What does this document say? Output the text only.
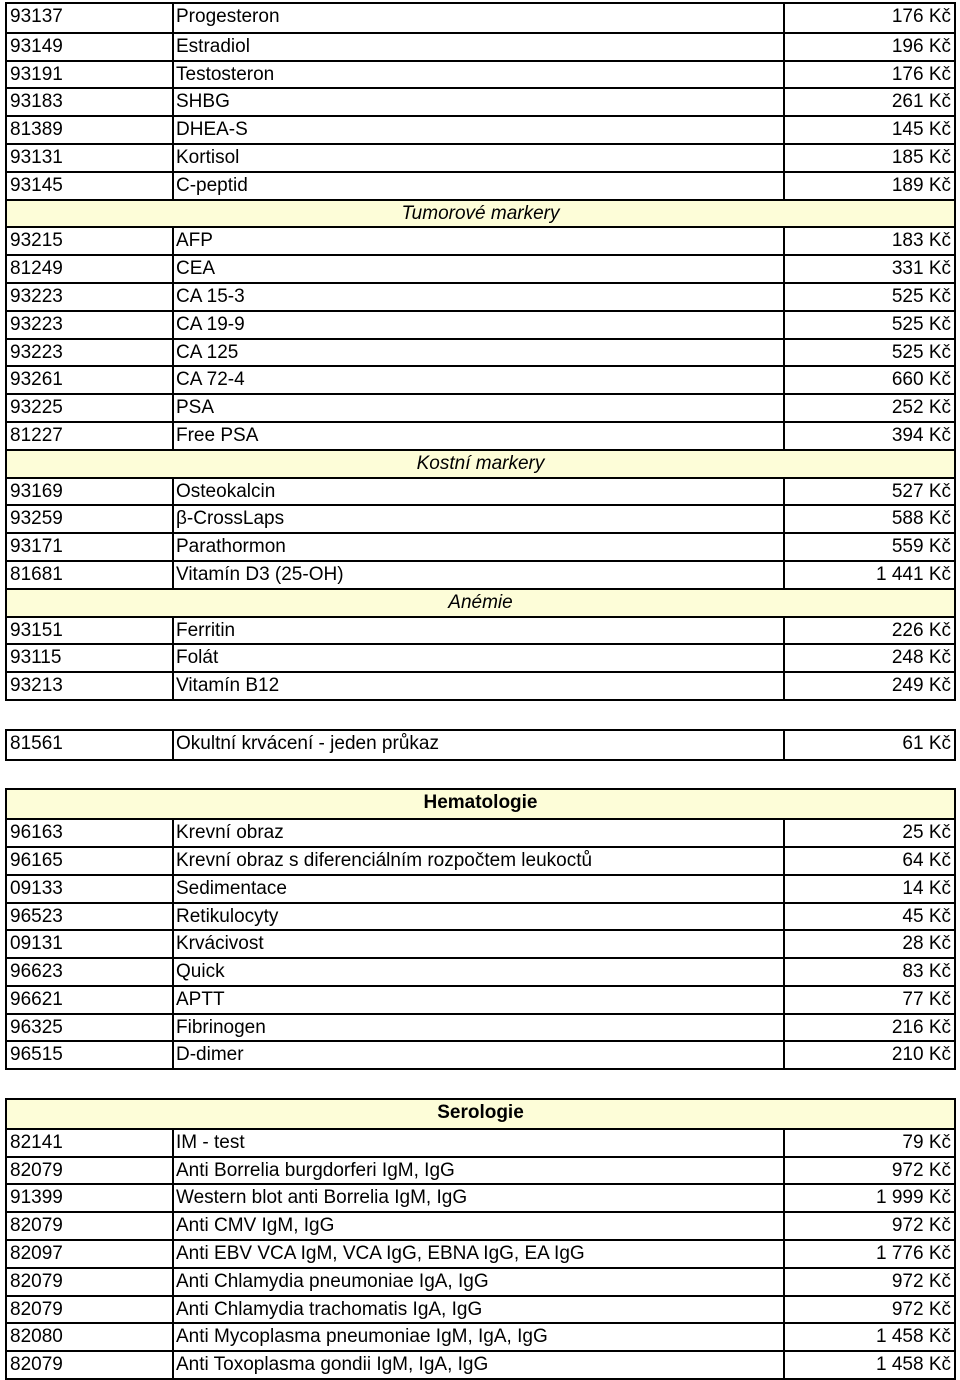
93137	Progesteron	176 Kč
93149	Estradiol	196 Kč
93191	Testosteron	176 Kč
93183	SHBG	261 Kč
81389	DHEA-S	145 Kč
93131	Kortisol	185 Kč
93145	C-peptid	189 Kč
Tumorové markery
93215	AFP	183 Kč
81249	CEA	331 Kč
93223	CA 15-3	525 Kč
93223	CA 19-9	525 Kč
93223	CA 125	525 Kč
93261	CA 72-4	660 Kč
93225	PSA	252 Kč
81227	Free PSA	394 Kč
Kostní markery
93169	Osteokalcin	527 Kč
93259	β-CrossLaps	588 Kč
93171	Parathormon	559 Kč
81681	Vitamín D3 (25-OH)	1 441 Kč
Anémie
93151	Ferritin	226 Kč
93115	Folát	248 Kč
93213	Vitamín B12	249 Kč
81561	Okultní krvácení - jeden průkaz	61 Kč
Hematologie
96163	Krevní obraz	25 Kč
96165	Krevní obraz s diferenciálním rozpočtem leukoctů	64 Kč
09133	Sedimentace	14 Kč
96523	Retikulocyty	45 Kč
09131	Krvácivost	28 Kč
96623	Quick	83 Kč
96621	APTT	77 Kč
96325	Fibrinogen	216 Kč
96515	D-dimer	210 Kč
Serologie
82141	IM - test	79 Kč
82079	Anti Borrelia burgdorferi IgM, IgG	972 Kč
91399	Western blot anti Borrelia IgM, IgG	1 999 Kč
82079	Anti CMV IgM, IgG	972 Kč
82097	Anti EBV VCA IgM, VCA IgG, EBNA IgG, EA IgG	1 776 Kč
82079	Anti Chlamydia pneumoniae IgA, IgG	972 Kč
82079	Anti Chlamydia trachomatis IgA, IgG	972 Kč
82080	Anti Mycoplasma pneumoniae IgM, IgA, IgG	1 458 Kč
82079	Anti Toxoplasma gondii IgM, IgA, IgG	1 458 Kč
